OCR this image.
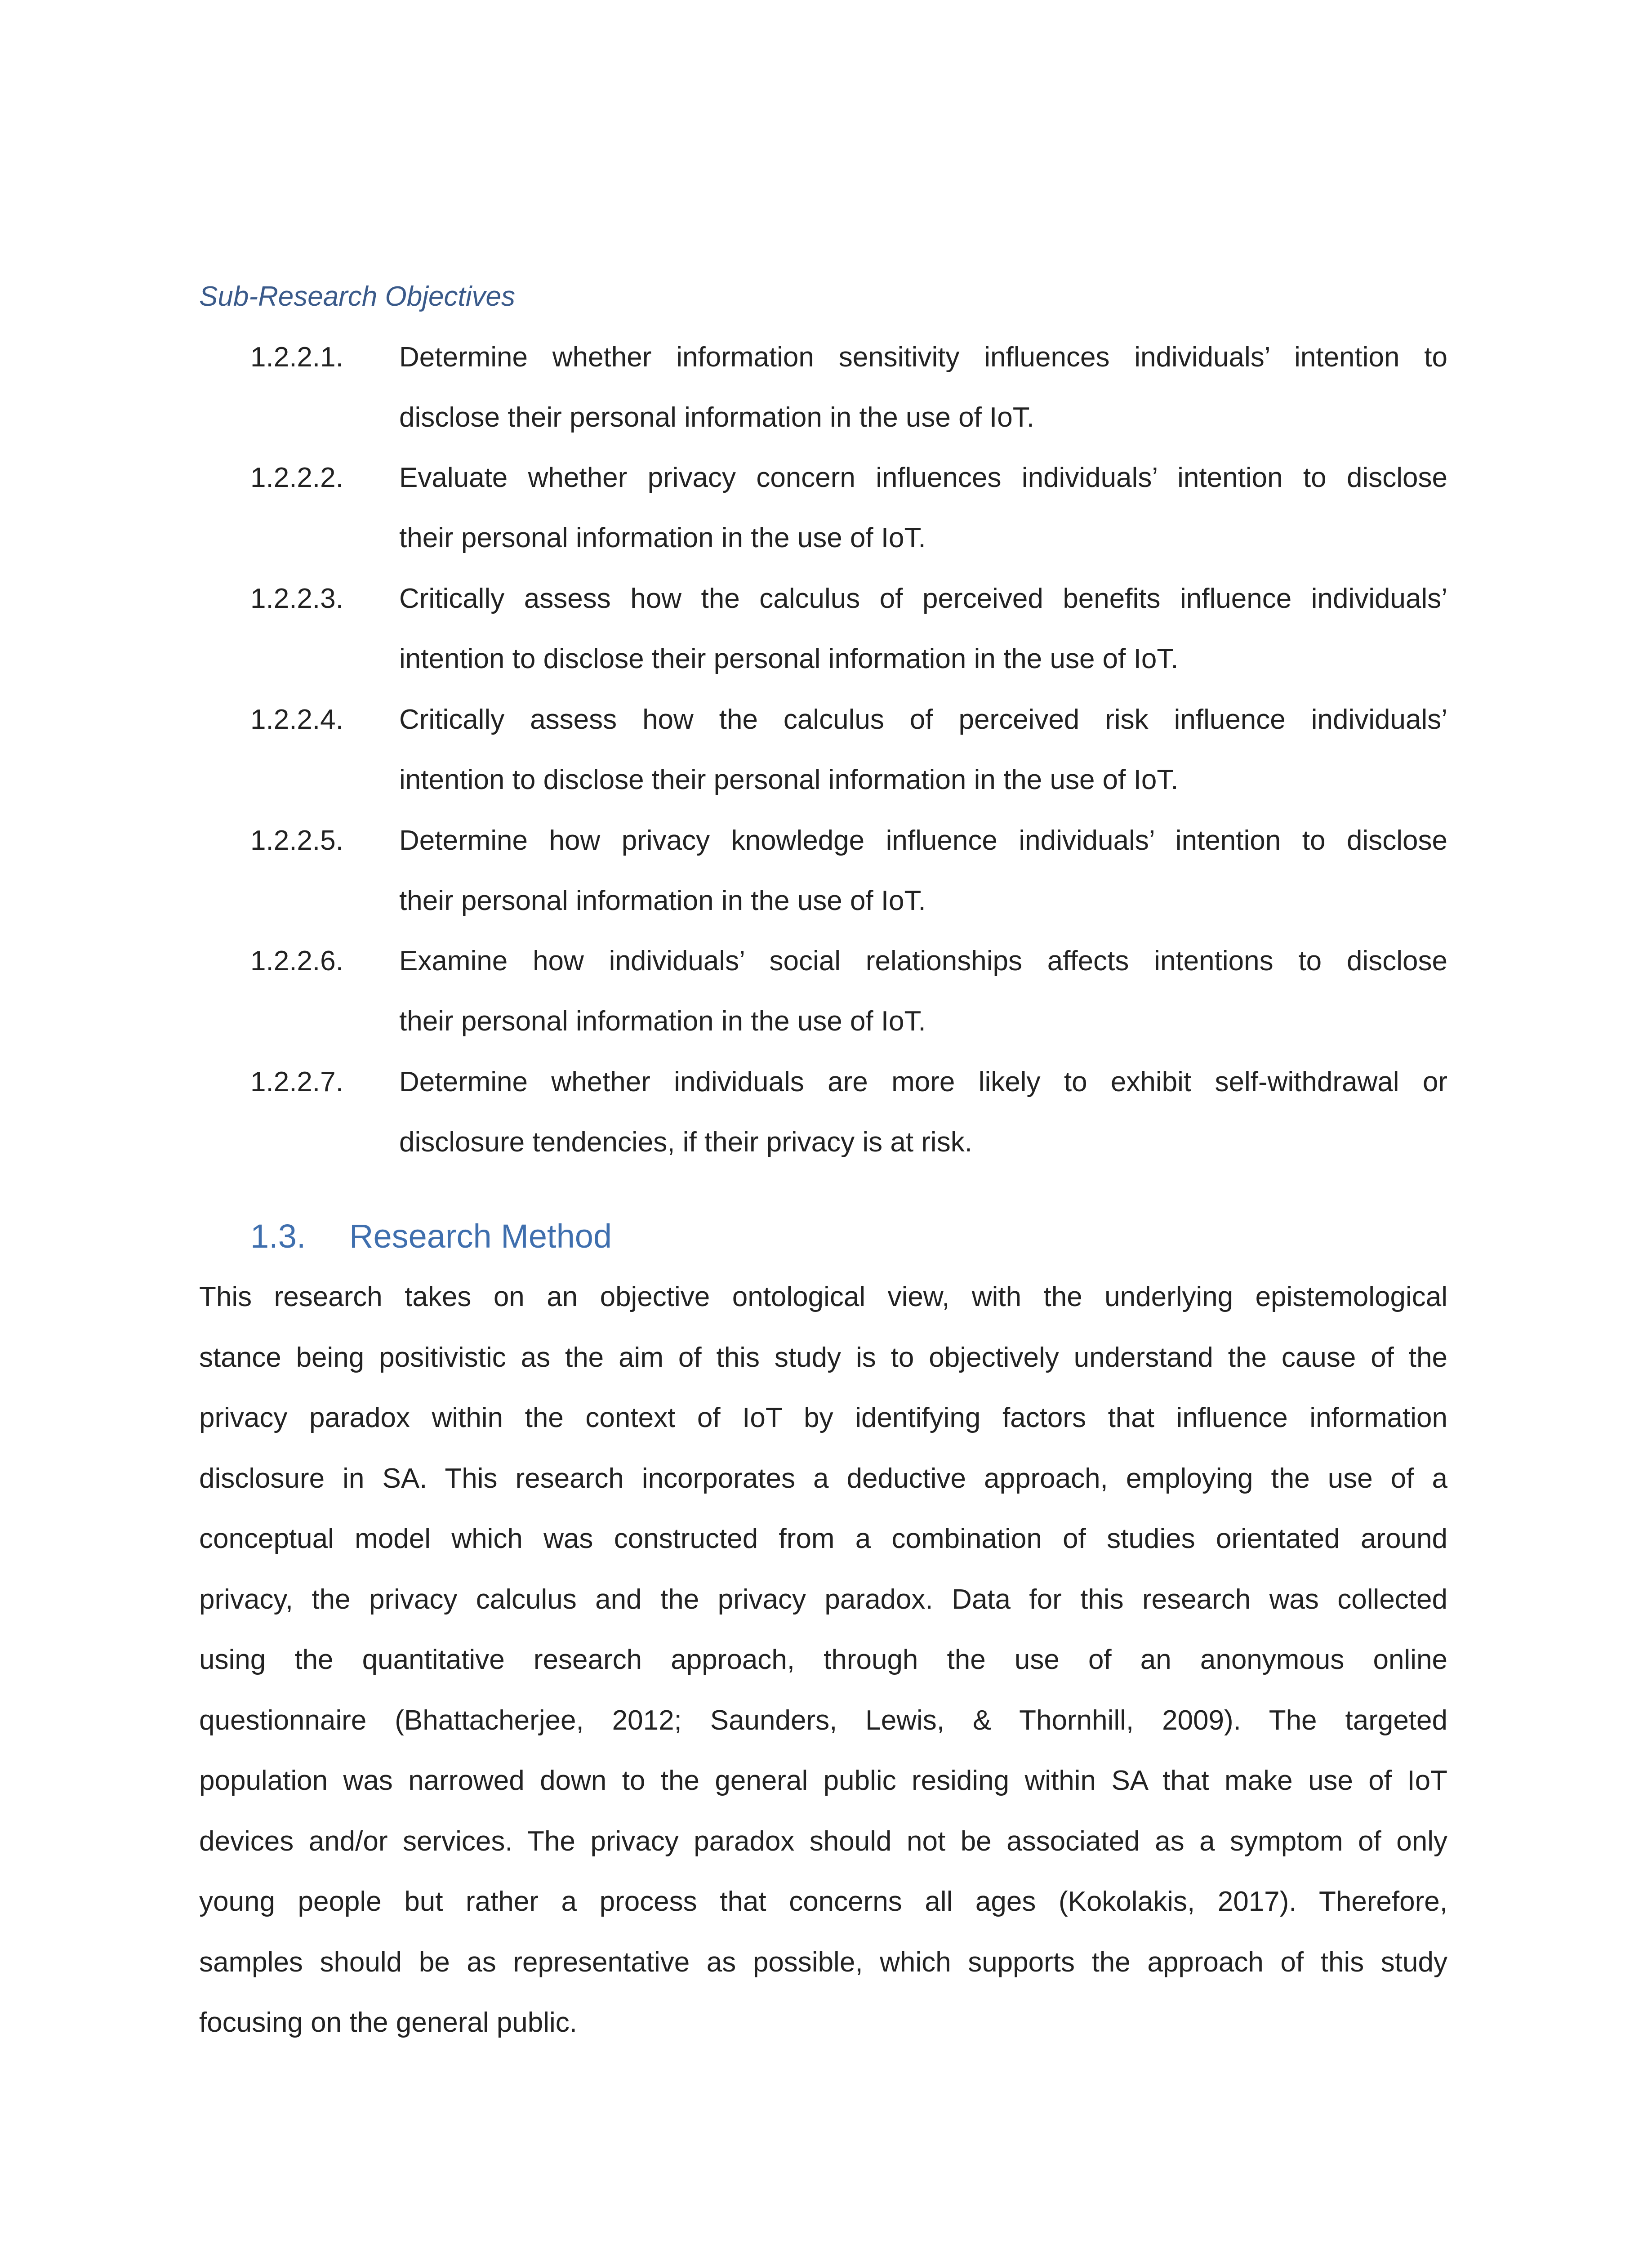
Sub-Research Objectives
1.2.2.1. Determine whether information sensitivity influences individuals’ intention to
disclose their personal information in the use of IoT.
1.2.2.2. Evaluate whether privacy concern influences individuals’ intention to disclose
their personal information in the use of IoT.
1.2.2.3. Critically assess how the calculus of perceived benefits influence individuals’
intention to disclose their personal information in the use of IoT.
1.2.2.4. Critically assess how the calculus of perceived risk influence individuals’
intention to disclose their personal information in the use of IoT.
1.2.2.5. Determine how privacy knowledge influence individuals’ intention to disclose
their personal information in the use of IoT.
1.2.2.6. Examine how individuals’ social relationships affects intentions to disclose
their personal information in the use of IoT.
1.2.2.7. Determine whether individuals are more likely to exhibit self-withdrawal or
disclosure tendencies, if their privacy is at risk.
1.3. Research Method
This research takes on an objective ontological view, with the underlying epistemological
stance being positivistic as the aim of this study is to objectively understand the cause of the
privacy paradox within the context of IoT by identifying factors that influence information
disclosure in SA. This research incorporates a deductive approach, employing the use of a
conceptual model which was constructed from a combination of studies orientated around
privacy, the privacy calculus and the privacy paradox. Data for this research was collected
using the quantitative research approach, through the use of an anonymous online
questionnaire (Bhattacherjee, 2012; Saunders, Lewis, & Thornhill, 2009). The targeted
population was narrowed down to the general public residing within SA that make use of IoT
devices and/or services. The privacy paradox should not be associated as a symptom of only
young people but rather a process that concerns all ages (Kokolakis, 2017). Therefore,
samples should be as representative as possible, which supports the approach of this study
focusing on the general public.
